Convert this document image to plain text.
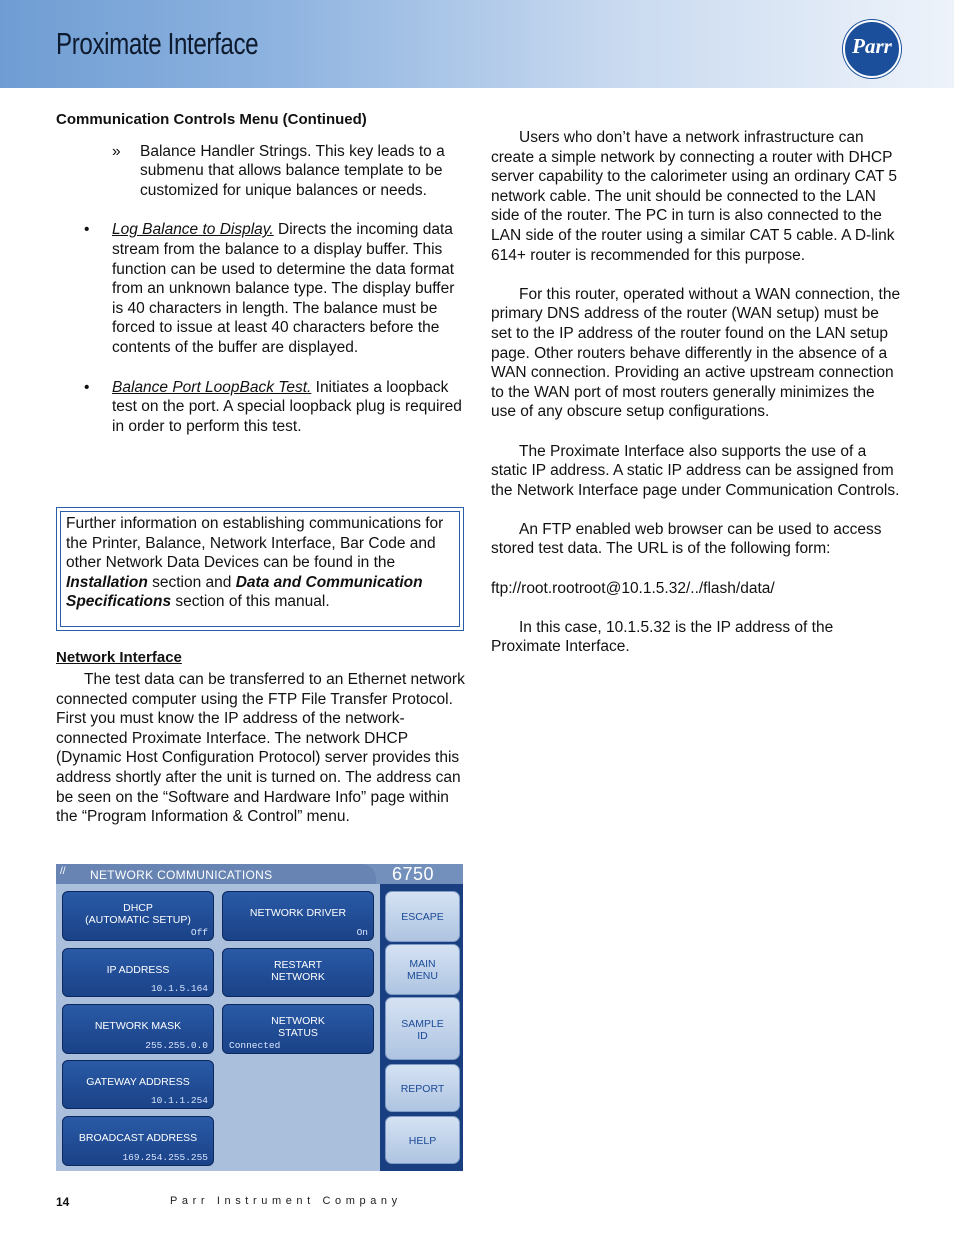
Proximate Interface	Parr
Communication Controls Menu (Continued)

» Balance Handler Strings. This key leads to a submenu that allows balance template to be customized for unique balances or needs.

• Log Balance to Display. Directs the incoming data stream from the balance to a display buffer. This function can be used to determine the data format from an unknown balance type. The display buffer is 40 characters in length. The balance must be forced to issue at least 40 characters before the contents of the buffer are displayed.

• Balance Port LoopBack Test. Initiates a loopback test on the port. A special loopback plug is required in order to perform this test.

Further information on establishing communications for the Printer, Balance, Network Interface, Bar Code and other Network Data Devices can be found in the Installation section and Data and Communication Specifications section of this manual.
Network Interface

The test data can be transferred to an Ethernet network connected computer using the FTP File Transfer Protocol. First you must know the IP address of the network-connected Proximate Interface. The network DHCP (Dynamic Host Configuration Protocol) server provides this address shortly after the unit is turned on. The address can be seen on the “Software and Hardware Info” page within the “Program Information & Control” menu.

Users who don’t have a network infrastructure can create a simple network by connecting a router with DHCP server capability to the calorimeter using an ordinary CAT 5 network cable. The unit should be connected to the LAN side of the router. The PC in turn is also connected to the LAN side of the router using a similar CAT 5 cable. A D-link 614+ router is recommended for this purpose.

For this router, operated without a WAN connection, the primary DNS address of the router (WAN setup) must be set to the IP address of the router found on the LAN setup page. Other routers behave differently in the absence of a WAN connection. Providing an active upstream connection to the WAN port of most routers generally minimizes the use of any obscure setup configurations.

The Proximate Interface also supports the use of a static IP address. A static IP address can be assigned from the Network Interface page under Communication Controls.

An FTP enabled web browser can be used to access stored test data. The URL is of the following form:

ftp://root.rootroot@10.1.5.32/../flash/data/

In this case, 10.1.5.32 is the IP address of the Proximate Interface.

// NETWORK COMMUNICATIONS	6750
DHCP
(AUTOMATIC SETUP)
Off
NETWORK DRIVER
On
IP ADDRESS
10.1.5.164
RESTART
NETWORK
NETWORK MASK
255.255.0.0
NETWORK
STATUS
Connected
GATEWAY ADDRESS
10.1.1.254
BROADCAST ADDRESS
169.254.255.255
ESCAPE
MAIN
MENU
SAMPLE
ID
REPORT
HELP
14	Parr Instrument Company
